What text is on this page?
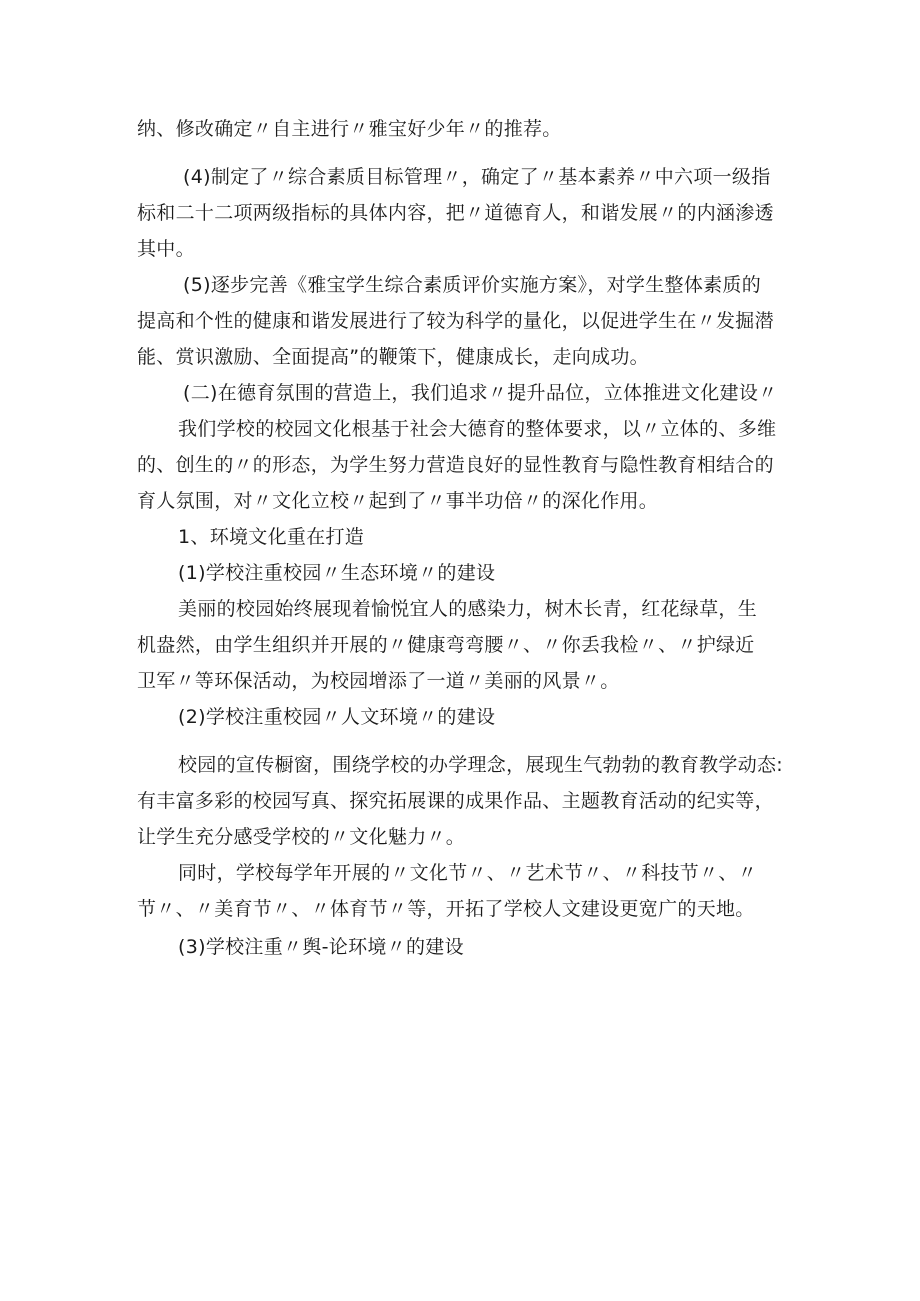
纳、修改确定〃自主进行〃雅宝好少年〃的推荐。
(4)制定了〃综合素质目标管理〃，确定了〃基本素养〃中六项一级指
标和二十二项两级指标的具体内容，把〃道德育人，和谐发展〃的内涵渗透
其中。
(5)逐步完善《雅宝学生综合素质评价实施方案》，对学生整体素质的
提高和个性的健康和谐发展进行了较为科学的量化，以促进学生在〃发掘潜
能、赏识激励、全面提高”的鞭策下，健康成长，走向成功。
(二)在德育氛围的营造上，我们追求〃提升品位，立体推进文化建设〃
我们学校的校园文化根基于社会大德育的整体要求，以〃立体的、多维
的、创生的〃的形态，为学生努力营造良好的显性教育与隐性教育相结合的
育人氛围，对〃文化立校〃起到了〃事半功倍〃的深化作用。
1、环境文化重在打造
(1)学校注重校园〃生态环境〃的建设
美丽的校园始终展现着愉悦宜人的感染力，树木长青，红花绿草，生
机盎然，由学生组织并开展的〃健康弯弯腰〃、〃你丢我检〃、〃护绿近
卫军〃等环保活动，为校园增添了一道〃美丽的风景〃。
(2)学校注重校园〃人文环境〃的建设
校园的宣传橱窗，围绕学校的办学理念，展现生气勃勃的教育教学动态:
有丰富多彩的校园写真、探究拓展课的成果作品、主题教育活动的纪实等，
让学生充分感受学校的〃文化魅力〃。
同时，学校每学年开展的〃文化节〃、〃艺术节〃、〃科技节〃、〃
节〃、〃美育节〃、〃体育节〃等，开拓了学校人文建设更宽广的天地。
(3)学校注重〃舆-论环境〃的建设
